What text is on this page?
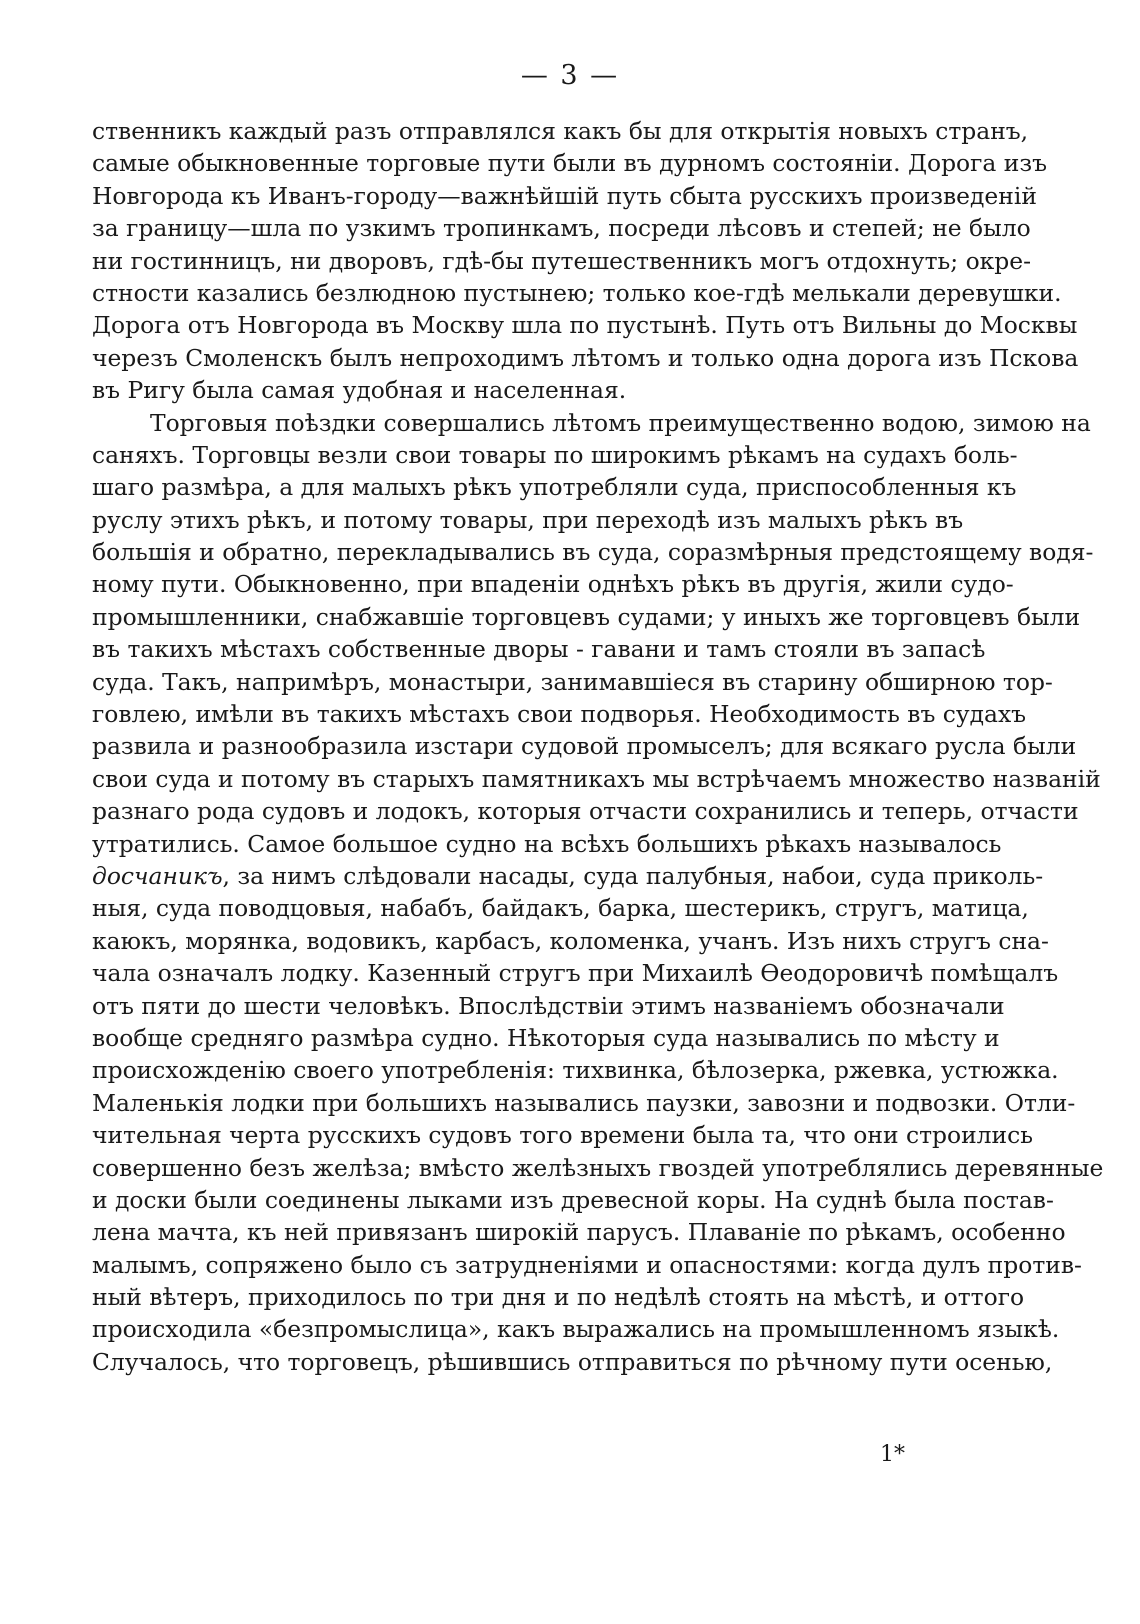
— 3 —
ственникъ каждый разъ отправлялся какъ бы для открытія новыхъ странъ,
самые обыкновенные торговые пути были въ дурномъ состояніи. Дорога изъ
Новгорода къ Иванъ-городу—важнѣйшій путь сбыта русскихъ произведеній
за границу—шла по узкимъ тропинкамъ, посреди лѣсовъ и степей; не было
ни гостинницъ, ни дворовъ, гдѣ-бы путешественникъ могъ отдохнуть; окре-
стности казались безлюдною пустынею; только кое-гдѣ мелькали деревушки.
Дорога отъ Новгорода въ Москву шла по пустынѣ. Путь отъ Вильны до Москвы
черезъ Смоленскъ былъ непроходимъ лѣтомъ и только одна дорога изъ Пскова
въ Ригу была самая удобная и населенная.
Торговыя поѣздки совершались лѣтомъ преимущественно водою, зимою на
саняхъ. Торговцы везли свои товары по широкимъ рѣкамъ на судахъ боль-
шаго размѣра, а для малыхъ рѣкъ употребляли суда, приспособленныя къ
руслу этихъ рѣкъ, и потому товары, при переходѣ изъ малыхъ рѣкъ въ
большія и обратно, перекладывались въ суда, соразмѣрныя предстоящему водя-
ному пути. Обыкновенно, при впаденіи однѣхъ рѣкъ въ другія, жили судо-
промышленники, снабжавшіе торговцевъ судами; у иныхъ же торговцевъ были
въ такихъ мѣстахъ собственные дворы - гавани и тамъ стояли въ запасѣ
суда. Такъ, напримѣръ, монастыри, занимавшіеся въ старину обширною тор-
говлею, имѣли въ такихъ мѣстахъ свои подворья. Необходимость въ судахъ
развила и разнообразила изстари судовой промыселъ; для всякаго русла были
свои суда и потому въ старыхъ памятникахъ мы встрѣчаемъ множество названій
разнаго рода судовъ и лодокъ, которыя отчасти сохранились и теперь, отчасти
утратились. Самое большое судно на всѣхъ большихъ рѣкахъ называлось
досчаникъ, за нимъ слѣдовали насады, суда палубныя, набои, суда приколь-
ныя, суда поводцовыя, набабъ, байдакъ, барка, шестерикъ, стругъ, матица,
каюкъ, морянка, водовикъ, карбасъ, коломенка, учанъ. Изъ нихъ стругъ сна-
чала означалъ лодку. Казенный стругъ при Михаилѣ Ѳеодоровичѣ помѣщалъ
отъ пяти до шести человѣкъ. Впослѣдствіи этимъ названіемъ обозначали
вообще средняго размѣра судно. Нѣкоторыя суда назывались по мѣсту и
происхожденію своего употребленія: тихвинка, бѣлозерка, ржевка, устюжка.
Маленькія лодки при большихъ назывались паузки, завозни и подвозки. Отли-
чительная черта русскихъ судовъ того времени была та, что они строились
совершенно безъ желѣза; вмѣсто желѣзныхъ гвоздей употреблялись деревянные
и доски были соединены лыками изъ древесной коры. На суднѣ была постав-
лена мачта, къ ней привязанъ широкій парусъ. Плаваніе по рѣкамъ, особенно
малымъ, сопряжено было съ затрудненіями и опасностями: когда дулъ против-
ный вѣтеръ, приходилось по три дня и по недѣлѣ стоять на мѣстѣ, и оттого
происходила «безпромыслица», какъ выражались на промышленномъ языкѣ.
Случалось, что торговецъ, рѣшившись отправиться по рѣчному пути осенью,
1*
